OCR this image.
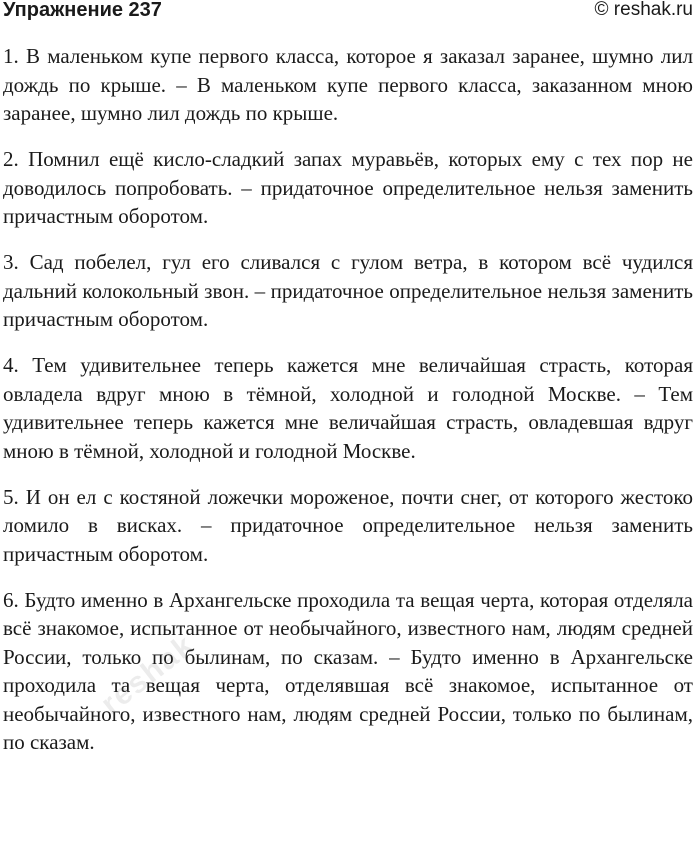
Упражнение 237	© reshak.ru

1. В маленьком купе первого класса, которое я заказал заранее, шумно лил дождь по крыше. – В маленьком купе первого класса, заказанном мною заранее, шумно лил дождь по крыше.

2. Помнил ещё кисло-сладкий запах муравьёв, которых ему с тех пор не доводилось попробовать. – придаточное определительное нельзя заменить причастным оборотом.

3. Сад побелел, гул его сливался с гулом ветра, в котором всё чудился дальний колокольный звон. – придаточное определительное нельзя заменить причастным оборотом.

4. Тем удивительнее теперь кажется мне величайшая страсть, которая овладела вдруг мною в тёмной, холодной и голодной Москве. – Тем удивительнее теперь кажется мне величайшая страсть, овладевшая вдруг мною в тёмной, холодной и голодной Москве.

5. И он ел с костяной ложечки мороженое, почти снег, от которого жестоко ломило в висках. – придаточное определительное нельзя заменить причастным оборотом.

6. Будто именно в Архангельске проходила та вещая черта, которая отделяла всё знакомое, испытанное от необычайного, известного нам, людям средней России, только по былинам, по сказам. – Будто именно в Архангельске проходила та вещая черта, отделявшая всё знакомое, испытанное от необычайного, известного нам, людям средней России, только по былинам, по сказам.

reshak
